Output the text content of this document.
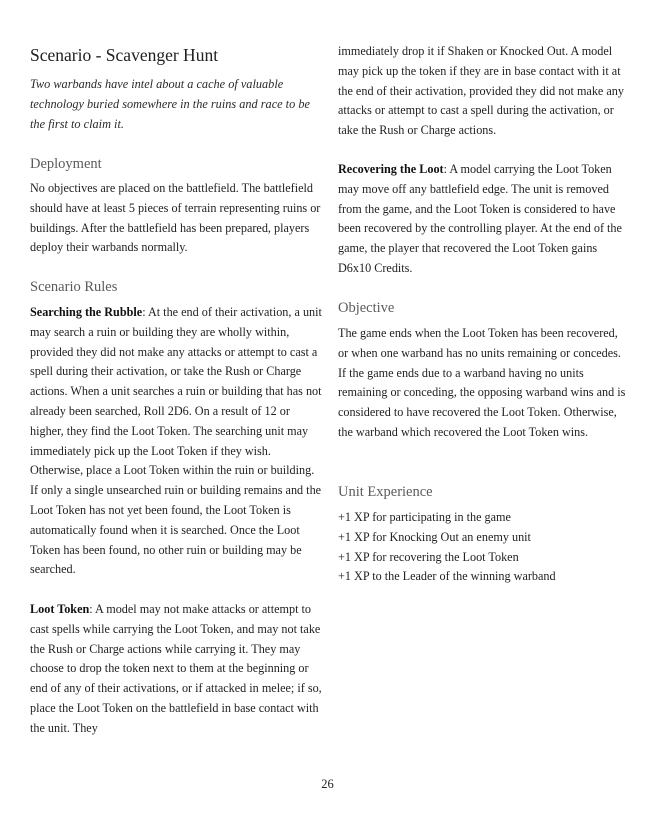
Scenario - Scavenger Hunt

Two warbands have intel about a cache of valuable technology buried somewhere in the ruins and race to be the first to claim it.

Deployment

No objectives are placed on the battlefield. The battlefield should have at least 5 pieces of terrain representing ruins or buildings. After the battlefield has been prepared, players deploy their warbands normally.

Scenario Rules

Searching the Rubble: At the end of their activation, a unit may search a ruin or building they are wholly within, provided they did not make any attacks or attempt to cast a spell during their activation, or take the Rush or Charge actions. When a unit searches a ruin or building that has not already been searched, Roll 2D6. On a result of 12 or higher, they find the Loot Token. The searching unit may immediately pick up the Loot Token if they wish. Otherwise, place a Loot Token within the ruin or building. If only a single unsearched ruin or building remains and the Loot Token has not yet been found, the Loot Token is automatically found when it is searched. Once the Loot Token has been found, no other ruin or building may be searched.

Loot Token: A model may not make attacks or attempt to cast spells while carrying the Loot Token, and may not take the Rush or Charge actions while carrying it. They may choose to drop the token next to them at the beginning or end of any of their activations, or if attacked in melee; if so, place the Loot Token on the battlefield in base contact with the unit. They

immediately drop it if Shaken or Knocked Out. A model may pick up the token if they are in base contact with it at the end of their activation, provided they did not make any attacks or attempt to cast a spell during the activation, or take the Rush or Charge actions.

Recovering the Loot: A model carrying the Loot Token may move off any battlefield edge. The unit is removed from the game, and the Loot Token is considered to have been recovered by the controlling player. At the end of the game, the player that recovered the Loot Token gains D6x10 Credits.

Objective

The game ends when the Loot Token has been recovered, or when one warband has no units remaining or concedes. If the game ends due to a warband having no units remaining or conceding, the opposing warband wins and is considered to have recovered the Loot Token. Otherwise, the warband which recovered the Loot Token wins.

Unit Experience
+1 XP for participating in the game
+1 XP for Knocking Out an enemy unit
+1 XP for recovering the Loot Token
+1 XP to the Leader of the winning warband
26
